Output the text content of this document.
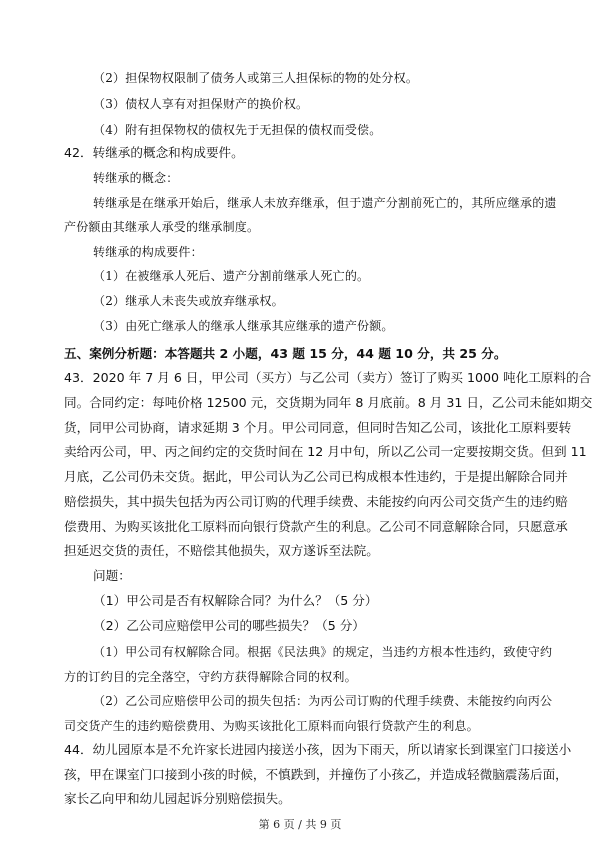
（2）担保物权限制了债务人或第三人担保标的物的处分权。
（3）债权人享有对担保财产的换价权。
（4）附有担保物权的债权先于无担保的债权而受偿。
42．转继承的概念和构成要件。
转继承的概念：
转继承是在继承开始后，继承人未放弃继承，但于遗产分割前死亡的，其所应继承的遗
产份额由其继承人承受的继承制度。
转继承的构成要件：
（1）在被继承人死后、遗产分割前继承人死亡的。
（2）继承人未丧失或放弃继承权。
（3）由死亡继承人的继承人继承其应继承的遗产份额。
五、案例分析题：本答题共 2 小题，43 题 15 分，44 题 10 分，共 25 分。
43．2020 年 7 月 6 日，甲公司（买方）与乙公司（卖方）签订了购买 1000 吨化工原料的合
同。合同约定：每吨价格 12500 元，交货期为同年 8 月底前。8 月 31 日，乙公司未能如期交
货，同甲公司协商，请求延期 3 个月。甲公司同意，但同时告知乙公司，该批化工原料要转
卖给丙公司，甲、丙之间约定的交货时间在 12 月中旬，所以乙公司一定要按期交货。但到 11
月底，乙公司仍未交货。据此，甲公司认为乙公司已构成根本性违约，于是提出解除合同并
赔偿损失，其中损失包括为丙公司订购的代理手续费、未能按约向丙公司交货产生的违约赔
偿费用、为购买该批化工原料而向银行贷款产生的利息。乙公司不同意解除合同，只愿意承
担延迟交货的责任，不赔偿其他损失，双方遂诉至法院。
问题：
（1）甲公司是否有权解除合同？为什么？（5 分）
（2）乙公司应赔偿甲公司的哪些损失？（5 分）
（1）甲公司有权解除合同。根据《民法典》的规定，当违约方根本性违约，致使守约
方的订约目的完全落空，守约方获得解除合同的权利。
（2）乙公司应赔偿甲公司的损失包括：为丙公司订购的代理手续费、未能按约向丙公
司交货产生的违约赔偿费用、为购买该批化工原料而向银行贷款产生的利息。
44．幼儿园原本是不允许家长进园内接送小孩，因为下雨天，所以请家长到课室门口接送小
孩，甲在课室门口接到小孩的时候，不慎跌到，并撞伤了小孩乙，并造成轻微脑震荡后面，
家长乙向甲和幼儿园起诉分别赔偿损失。
第 6 页 / 共 9 页
